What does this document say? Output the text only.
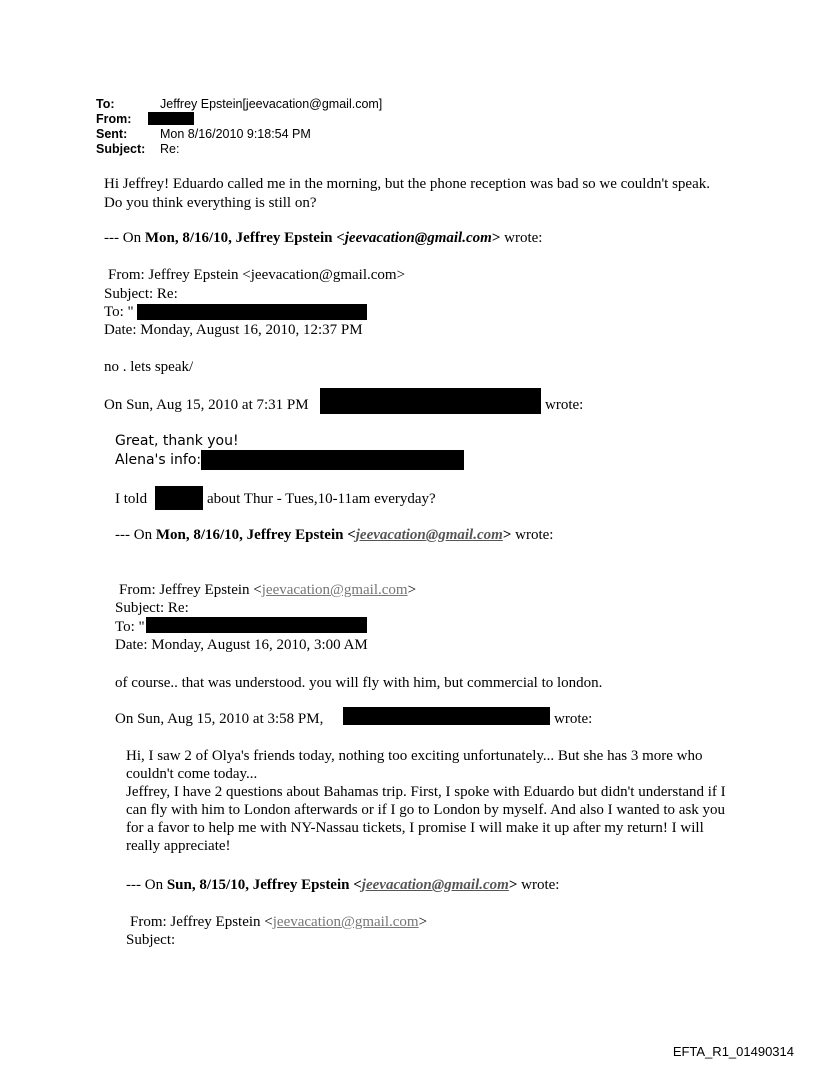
To:	Jeffrey Epstein[jeevacation@gmail.com]
From:
Sent:	Mon 8/16/2010 9:18:54 PM
Subject: Re:
Hi Jeffrey! Eduardo called me in the morning, but the phone reception was bad so we couldn't speak. Do you think everything is still on?
--- On Mon, 8/16/10, Jeffrey Epstein <jeevacation@gmail.com> wrote:
From: Jeffrey Epstein <jeevacation@gmail.com>
Subject: Re:
To: "
Date: Monday, August 16, 2010, 12:37 PM
no . lets speak/
On Sun, Aug 15, 2010 at 7:31 PM	wrote:
Great, thank you!
Alena's info:
I told	about Thur - Tues,10-11am everyday?
--- On Mon, 8/16/10, Jeffrey Epstein <jeevacation@gmail.com> wrote:
From: Jeffrey Epstein <jeevacation@gmail.com>
Subject: Re:
To: "
Date: Monday, August 16, 2010, 3:00 AM
of course.. that was understood. you will fly with him, but commercial to london.
On Sun, Aug 15, 2010 at 3:58 PM,	wrote:
Hi, I saw 2 of Olya's friends today, nothing too exciting unfortunately... But she has 3 more who couldn't come today...
Jeffrey, I have 2 questions about Bahamas trip. First, I spoke with Eduardo but didn't understand if I can fly with him to London afterwards or if I go to London by myself. And also I wanted to ask you for a favor to help me with NY-Nassau tickets, I promise I will make it up after my return! I will really appreciate!
--- On Sun, 8/15/10, Jeffrey Epstein <jeevacation@gmail.com> wrote:
From: Jeffrey Epstein <jeevacation@gmail.com>
Subject:
EFTA_R1_01490314
